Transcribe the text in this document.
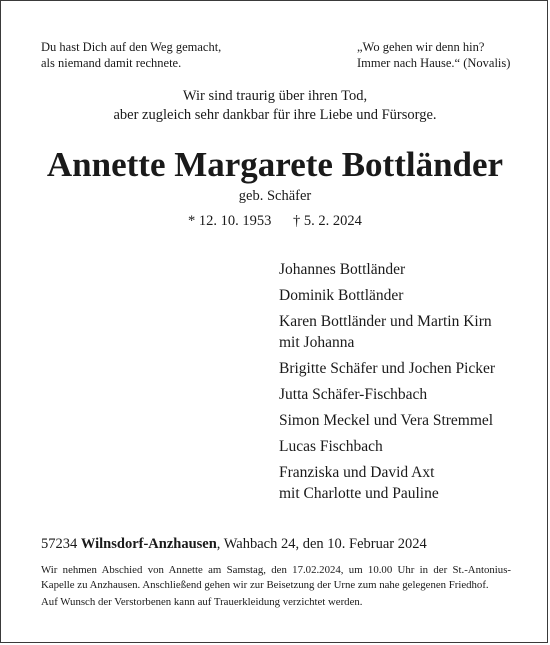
Du hast Dich auf den Weg gemacht,
als niemand damit rechnete.
„Wo gehen wir denn hin?
Immer nach Hause.“ (Novalis)
Wir sind traurig über ihren Tod,
aber zugleich sehr dankbar für ihre Liebe und Fürsorge.
Annette Margarete Bottländer
geb. Schäfer
* 12. 10. 1953 † 5. 2. 2024
Johannes Bottländer
Dominik Bottländer
Karen Bottländer und Martin Kirn
mit Johanna
Brigitte Schäfer und Jochen Picker
Jutta Schäfer-Fischbach
Simon Meckel und Vera Stremmel
Lucas Fischbach
Franziska und David Axt
mit Charlotte und Pauline
57234 Wilnsdorf-Anzhausen, Wahbach 24, den 10. Februar 2024
Wir nehmen Abschied von Annette am Samstag, den 17.02.2024, um 10.00 Uhr in der St.-Antonius-
Kapelle zu Anzhausen. Anschließend gehen wir zur Beisetzung der Urne zum nahe gelegenen Friedhof.
Auf Wunsch der Verstorbenen kann auf Trauerkleidung verzichtet werden.
